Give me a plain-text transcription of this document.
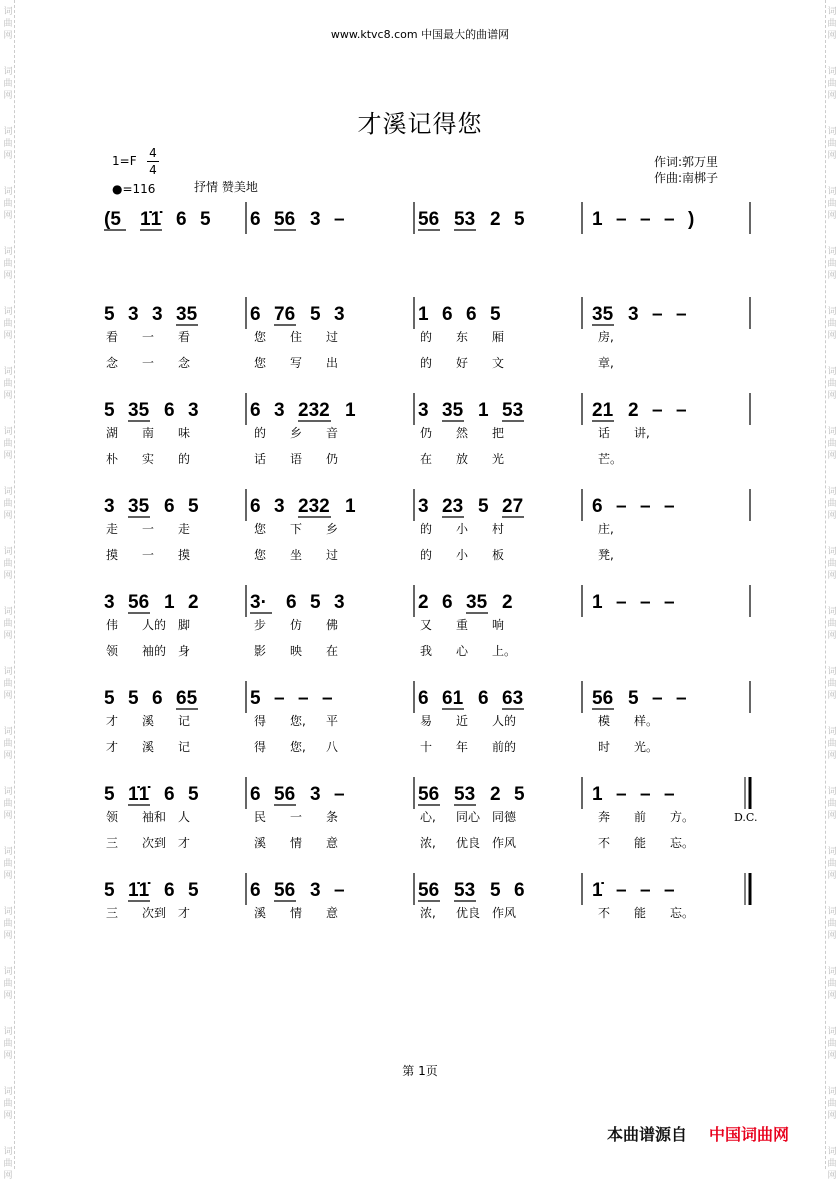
词
曲
网
词
曲
网
词
曲
网
词
曲
网
词
曲
网
词
曲
网
词
曲
网
词
曲
网
词
曲
网
词
曲
网
词
曲
网
词
曲
网
词
曲
网
词
曲
网
词
曲
网
词
曲
网
词
曲
网
词
曲
网
词
曲
网
词
曲
网
词
曲
网
词
曲
网
词
曲
网
词
曲
网
词
曲
网
词
曲
网
词
曲
网
词
曲
网
词
曲
网
词
曲
网
词
曲
网
词
曲
网
词
曲
网
词
曲
网
词
曲
网
词
曲
网
词
曲
网
词
曲
网
词
曲
网
词
曲
网
www.ktvc8.com 中国最大的曲谱网
才溪记得您
1=F
4
4
●=116	抒情 赞美地
作词:郭万里
作曲:南梆子
(5 1̇1̇ 6 5 6 56 3 –	56 53 2 5	1 – – – )
5 3 3 35	6 76 5 3	1 6 6 5	35 3 – –
看 一 看	您 住 过	的 东 厢	房,
念 一 念	您 写 出	的 好 文	章,
5 35 6 3	6 3 232 1	3 35 1 53	21 2 – –
湖 南 味	的 乡 音	仍 然 把	话 讲,
朴 实 的	话 语 仍	在 放 光	芒。
3 35 6 5	6 3 232 1	3 23 5 27	6 – – –
走 一 走	您 下 乡	的 小 村	庄,
摸 一 摸	您 坐 过	的 小 板	凳,
3 56 1 2	3· 6 5 3	2 6 35 2	1 – – –
伟 人的 脚	步 仿 佛	又 重 响
领 袖的 身	影 映 在	我 心 上。
5 5 6 65	5 – – –	6 61 6 63	56 5 – –
才 溪 记	得 您, 平	易 近 人的	模 样。
才 溪 记	得 您, 八	十 年 前的	时 光。
5 1̇1̇ 6 5	6 56 3 –	56 53 2 5	1 – – –
D.C.
领 袖和 人	民 一 条	心, 同心 同德	奔 前 方。
三 次到 才	溪 情 意	浓, 优良 作风	不 能 忘。
5 1̇1̇ 6 5	6 56 3 –	56 53 5 6	1̇ – – –
三 次到 才	溪 情 意	浓, 优良 作风	不 能 忘。
第 1页
本曲谱源自 中国词曲网
